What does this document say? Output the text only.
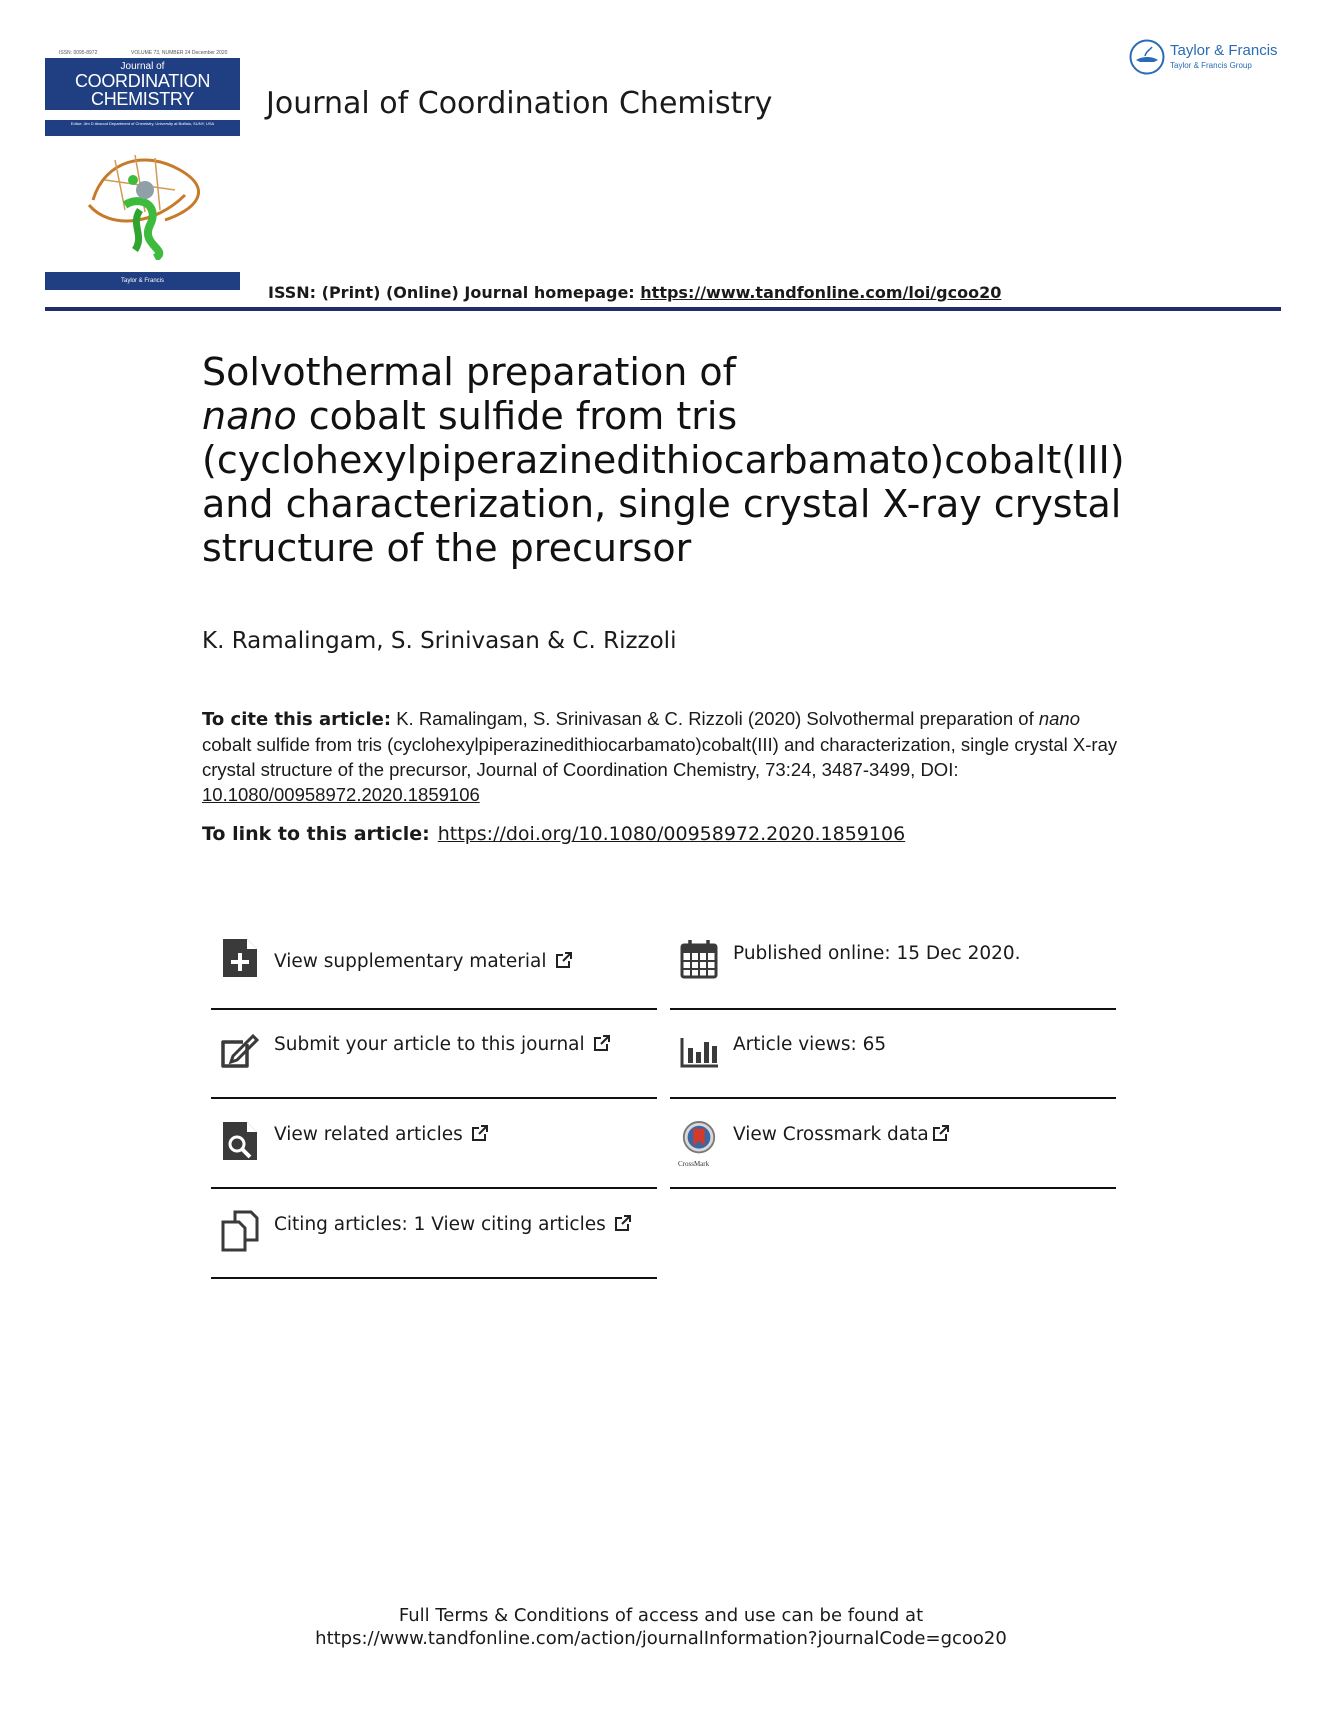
ISSN: 0095-8972	VOLUME 73, NUMBER 24 December 2020
Journal of
COORDINATION
CHEMISTRY
Editor: Jim D Atwood Department of Chemistry, University at Buffalo, SUNY, USA
Taylor & Francis
Journal of Coordination Chemistry
ISSN: (Print) (Online) Journal homepage: https://www.tandfonline.com/loi/gcoo20
Taylor & Francis
Taylor & Francis Group
Solvothermal preparation of
nano cobalt sulfide from tris
(cyclohexylpiperazinedithiocarbamato)cobalt(III)
and characterization, single crystal X-ray crystal
structure of the precursor
K. Ramalingam, S. Srinivasan & C. Rizzoli
To cite this article: K. Ramalingam, S. Srinivasan & C. Rizzoli (2020) Solvothermal preparation of nano cobalt sulfide from tris (cyclohexylpiperazinedithiocarbamato)cobalt(III) and characterization, single crystal X-ray crystal structure of the precursor, Journal of Coordination Chemistry, 73:24, 3487-3499, DOI: 10.1080/00958972.2020.1859106
To link to this article: https://doi.org/10.1080/00958972.2020.1859106
View supplementary material
Submit your article to this journal
View related articles
Citing articles: 1 View citing articles
Published online: 15 Dec 2020.
Article views: 65
CrossMark
View Crossmark data
Full Terms & Conditions of access and use can be found at
https://www.tandfonline.com/action/journalInformation?journalCode=gcoo20
